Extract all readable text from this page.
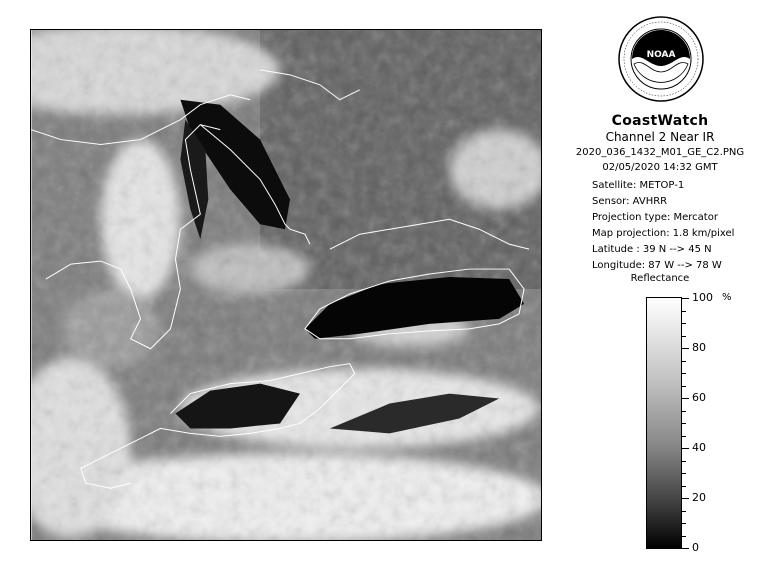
NOAA
CoastWatch
Channel 2 Near IR
2020_036_1432_M01_GE_C2.PNG
02/05/2020 14:32 GMT
Satellite: METOP-1
Sensor: AVHRR
Projection type: Mercator
Map projection: 1.8 km/pixel
Latitude : 39 N --> 45 N
Longitude: 87 W --> 78 W
Reflectance
%
100
80
60
40
20
0
